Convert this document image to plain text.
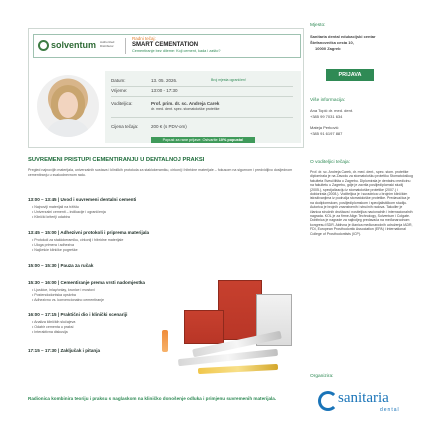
solventum Authorized Distributor
Radni tečaj:
SMART CEMENTATION
Cementiranje bez dileme: Koji cement, kada i zašto?
Datum:	13. 05. 2026.	Broj mjesta ograničen!
Vrijeme:	13:00 - 17:30
Voditeljica:	Prof. prim. dr. sc. Andreja Carek
dr. med. dent. spec. stomatološke protetike
Cijena tečaja:	200 € (s PDV-om)
Popust za rane prijave: Ostvarite 10% popusta!
Mjesto:
Sanitaria dental edukacijski centar
Štefanovečka cesta 10,
10000 Zagreb
PRIJAVA
Više informacija:
Ana Topić dr. med. dent.
+385 99 7031 634
Mateja Perković
+385 91 6197 887
O voditeljici tečaja:
Prof. dr. sc. Andreja Carek, dr. med. dent., spec. stom. protetike diplomirala je na Zavodu za stomatološku protetiku Stomatološkog fakulteta Sveučilišta u Zagrebu. Diplomirala je dentalnu medicinu na fakultetu u Zagrebu, gdje je zavrila poslijediplomski studij (2005.), specijalizaciju iz stomatološke protetike (2007.) i doktorirala (2008.). Voditeljica je i suradnica u brojnim kliničkim istraživanjima iz područja stomatološke protetike. Predavačica je na dodiplomskom, poslijediplomskom i specijalističkom studiju. Autorica je brojnih znanstvenih i stručnih radova. Također je članica stručnih društava i nositeljica nacionalnih i internacionalnih nagrada. KOL je za firme Align Technology, Solventum i Colgate. Dobitnica je nagrade za najboljeg predavača na međunarodnom kongresu ISDR. Aktivna je članica međunarodnih udruženja IADR, FDI, European Prosthodontic Association (EPA) i International College of Prosthodontists (ICP).
SUVREMENI PRISTUPI CEMENTIRANJU U DENTALNOJ PRAKSI
Pregled najnovijih materijala, univerzalnih sustava i kliničkih protokola za staklokeramiku, cirkonij i hibridne materijale – fokusom na sigurnom i predvidljivo dosljednom cementiranju u svakodnevnom radu.
13:00 – 13:45 | Uvod i suvremeni dentalni cementi
• Najnoviji materijali na tržištu
• Univerzalni cementi – indikacije i ograničenja
• Klinički kriteriji odabira
13:45 – 15:00 | Adhezivni protokoli i priprema materijala
• Protokoli za staklokeramiku, cirkonij i hibridne materijale
• Uloga primera i adheziva
• Najčešće kliničke pogreške
15:00 – 15:30 | Pauza za ručak
15:30 – 16:00 | Cementiranje prema vrsti nadomjestka
• Ljuskice, inlay/onlay, krunice i mostovi
• Postendodontska opskrba
• Adhezivno vs. konvencionalno cementiranje
16:00 – 17:15 | Praktični dio i klinički scenariji
• Analiza kliničkih slučajeva
• Odabir cementa u praksi
• Interaktivna diskusija
17:15 – 17:30 | Zaključak i pitanja
Radionica kombinira teoriju i praksu s naglaskom na kliničko donošenje odluka i primjenu suvremenih materijala.
Organizira:
sanitaria
dental
